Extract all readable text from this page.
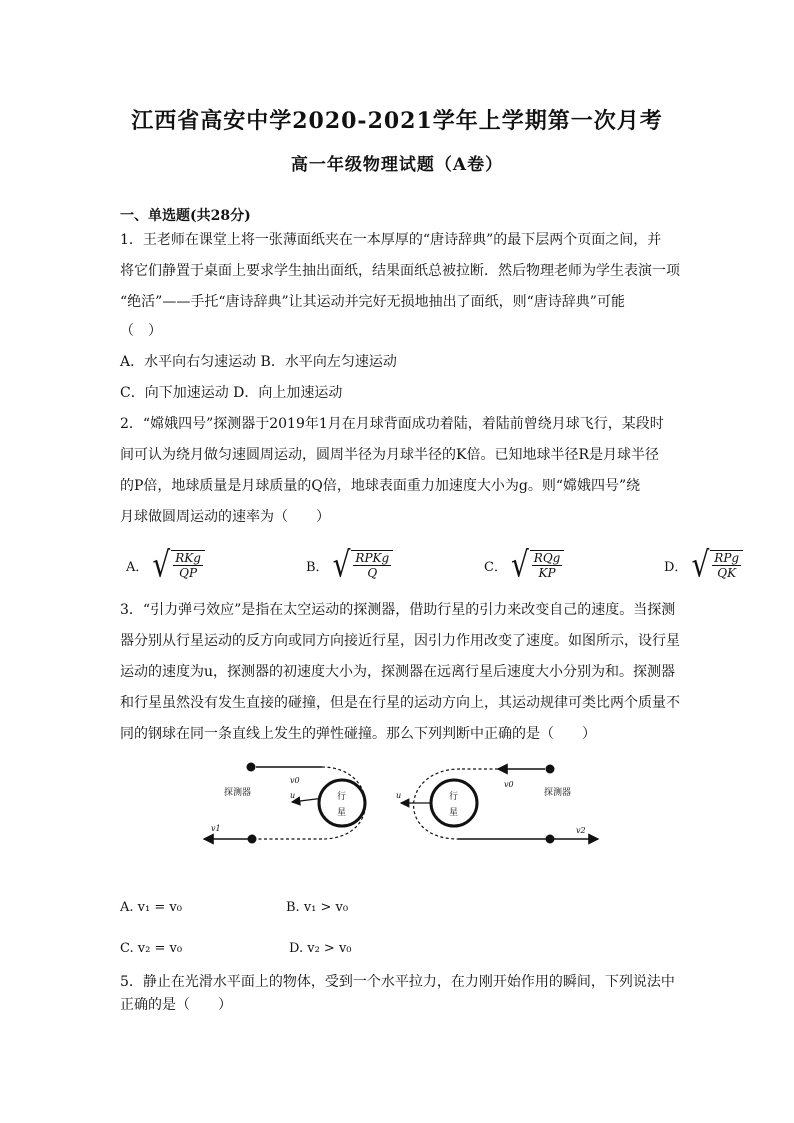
江西省高安中学2020-2021学年上学期第一次月考
高一年级物理试题（A卷）
一、单选题(共28分)
1．王老师在课堂上将一张薄面纸夹在一本厚厚的“唐诗辞典”的最下层两个页面之间，并
将它们静置于桌面上要求学生抽出面纸，结果面纸总被拉断．然后物理老师为学生表演一项
“绝活”——手托“唐诗辞典”让其运动并完好无损地抽出了面纸，则“唐诗辞典”可能
（　）
A．水平向右匀速运动 B．水平向左匀速运动
C．向下加速运动 D．向上加速运动
2．“嫦娥四号”探测器于2019年1月在月球背面成功着陆，着陆前曾绕月球飞行，某段时
间可认为绕月做匀速圆周运动，圆周半径为月球半径的K倍。已知地球半径R是月球半径
的P倍，地球质量是月球质量的Q倍，地球表面重力加速度大小为g。则“嫦娥四号”绕
月球做圆周运动的速率为（　　）
A． √ $\frac{\text{RKg}}{QP}$	B． √ $\frac{\text{RPKg}}{Q}$	C． √ $\frac{\text{RQg}}{KP}$	D． √ $\frac{\text{RPg}}{QK}$
3．“引力弹弓效应”是指在太空运动的探测器，借助行星的引力来改变自己的速度。当探测
器分别从行星运动的反方向或同方向接近行星，因引力作用改变了速度。如图所示，设行星
运动的速度为u，探测器的初速度大小为，探测器在远离行星后速度大小分别为和。探测器
和行星虽然没有发生直接的碰撞，但是在行星的运动方向上，其运动规律可类比两个质量不
同的钢球在同一条直线上发生的弹性碰撞。那么下列判断中正确的是（　　）
探测器
v1
v0
u	行
星
探测器
v2
v0
u	行
星
A. v₁ = v₀	B. v₁ > v₀
C. v₂ = v₀	D. v₂ > v₀
5．静止在光滑水平面上的物体，受到一个水平拉力，在力刚开始作用的瞬间，下列说法中
正确的是（　　）
